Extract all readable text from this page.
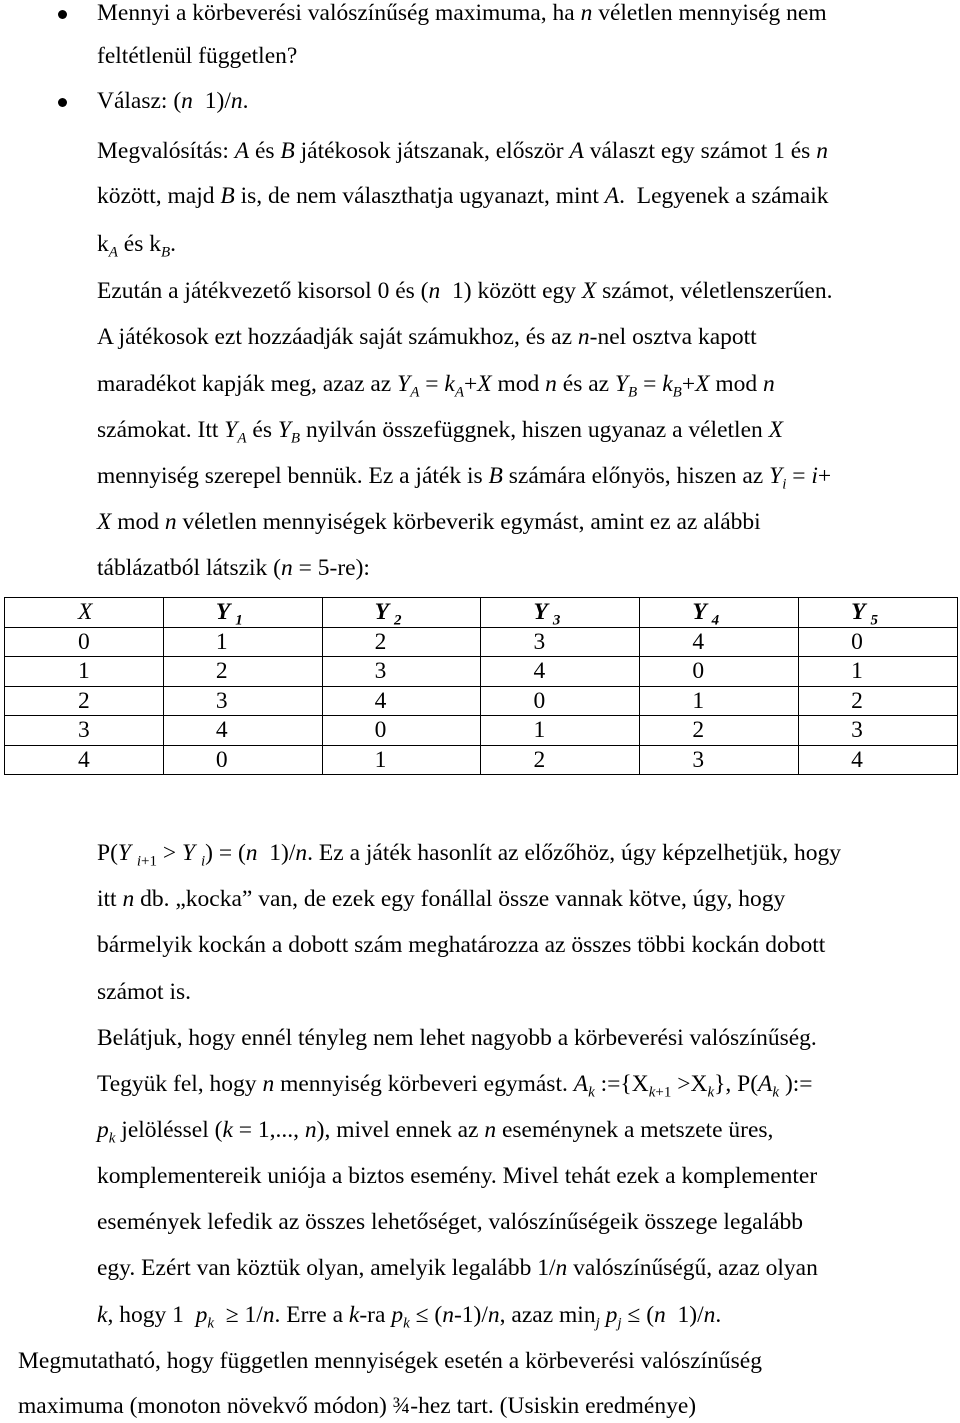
Mennyi a körbeverési valószínűség maximuma, ha n véletlen mennyiség nem
feltétlenül független?
Válasz: (n 1)/n.
Megvalósítás: A és B játékosok játszanak, először A választ egy számot 1 és n
között, majd B is, de nem választhatja ugyanazt, mint A.  Legyenek a számaik
$k_A$ és $k_B$.
Ezután a játékvezető kisorsol 0 és (n  1) között egy X számot, véletlenszerűen.
A játékosok ezt hozzáadják saját számukhoz, és az n-nel osztva kapott
maradékot kapják meg, azaz az $Y_A = k_A+X$ mod n és az $Y_B = k_B+X$ mod n
számokat. Itt $Y_A$ és $Y_B$ nyilván összefüggnek, hiszen ugyanaz a véletlen X
mennyiség szerepel bennük. Ez a játék is B számára előnyös, hiszen az $Y_i = i+$
X mod n véletlen mennyiségek körbeverik egymást, amint ez az alábbi
táblázatból látszik (n = 5-re):
X	Y $_1$	Y $_2$	Y $_3$	Y $_4$	Y $_5$
0	1	2	3	4	0
1	2	3	4	0	1
2	3	4	0	1	2
3	4	0	1	2	3
4	0	1	2	3	4
P(Y $_{i+1}$ > Y $_i$) = (n  1)/n. Ez a játék hasonlít az előzőhöz, úgy képzelhetjük, hogy
itt n db. „kocka” van, de ezek egy fonállal össze vannak kötve, úgy, hogy
bármelyik kockán a dobott szám meghatározza az összes többi kockán dobott
számot is.
Belátjuk, hogy ennél tényleg nem lehet nagyobb a körbeverési valószínűség.
Tegyük fel, hogy n mennyiség körbeveri egymást. $A_k$ $:=\{X_{k+1} >X_k\}$, $P(A_k$ ):=
$p_k$ jelöléssel (k = 1,..., n), mivel ennek az n eseménynek a metszete üres,
komplementereik uniója a biztos esemény. Mivel tehát ezek a komplementer
események lefedik az összes lehetőséget, valószínűségeik összege legalább
egy. Ezért van köztük olyan, amelyik legalább 1/n valószínűségű, azaz olyan
k, hogy 1  $p_k \ge 1/n$. Erre a k-ra $p_k \le (n-1)/n$, azaz $\min_j p_j \le (n$  1)/n.
Megmutatható, hogy független mennyiségek esetén a körbeverési valószínűség
maximuma (monoton növekvő módon) ¾-hez tart. (Usiskin eredménye)
